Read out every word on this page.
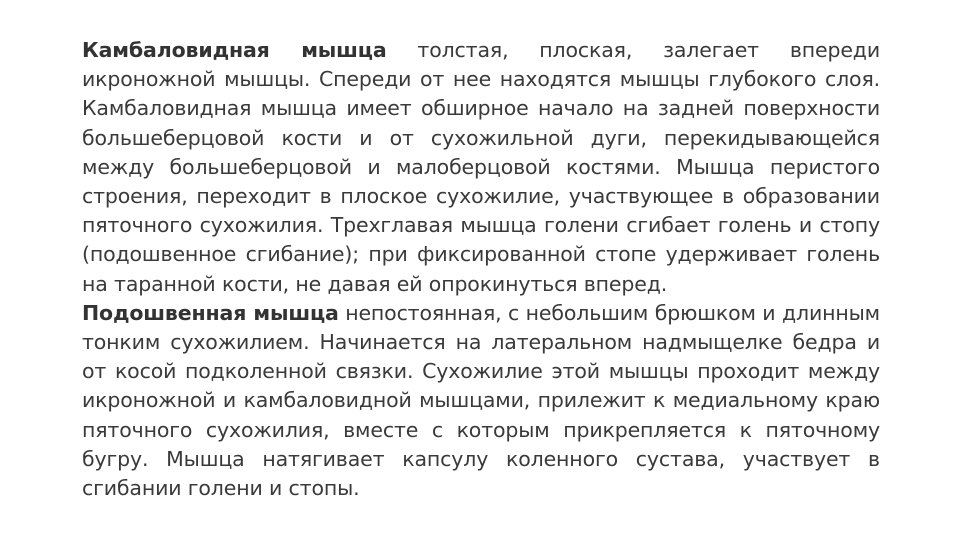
Камбаловидная мышца толстая, плоская, залегает впереди икроножной мышцы. Спереди от нее находятся мышцы глубокого слоя. Камбаловидная мышца имеет обширное начало на задней поверхности большеберцовой кости и от сухожильной дуги, перекидывающейся между большеберцовой и малоберцовой костями. Мышца перистого строения, переходит в плоское сухожилие, участвующее в образовании пяточного сухожилия. Трехглавая мышца голени сгибает голень и стопу (подошвенное сгибание); при фиксированной стопе удерживает голень на таранной кости, не давая ей опрокинуться вперед.

Подошвенная мышца непостоянная, с небольшим брюшком и длинным тонким сухожилием. Начинается на латеральном надмыщелке бедра и от косой подколенной связки. Сухожилие этой мышцы проходит между икроножной и камбаловидной мышцами, прилежит к медиальному краю пяточного сухожилия, вместе с которым прикрепляется к пяточному бугру. Мышца натягивает капсулу коленного сустава, участвует в сгибании голени и стопы.
